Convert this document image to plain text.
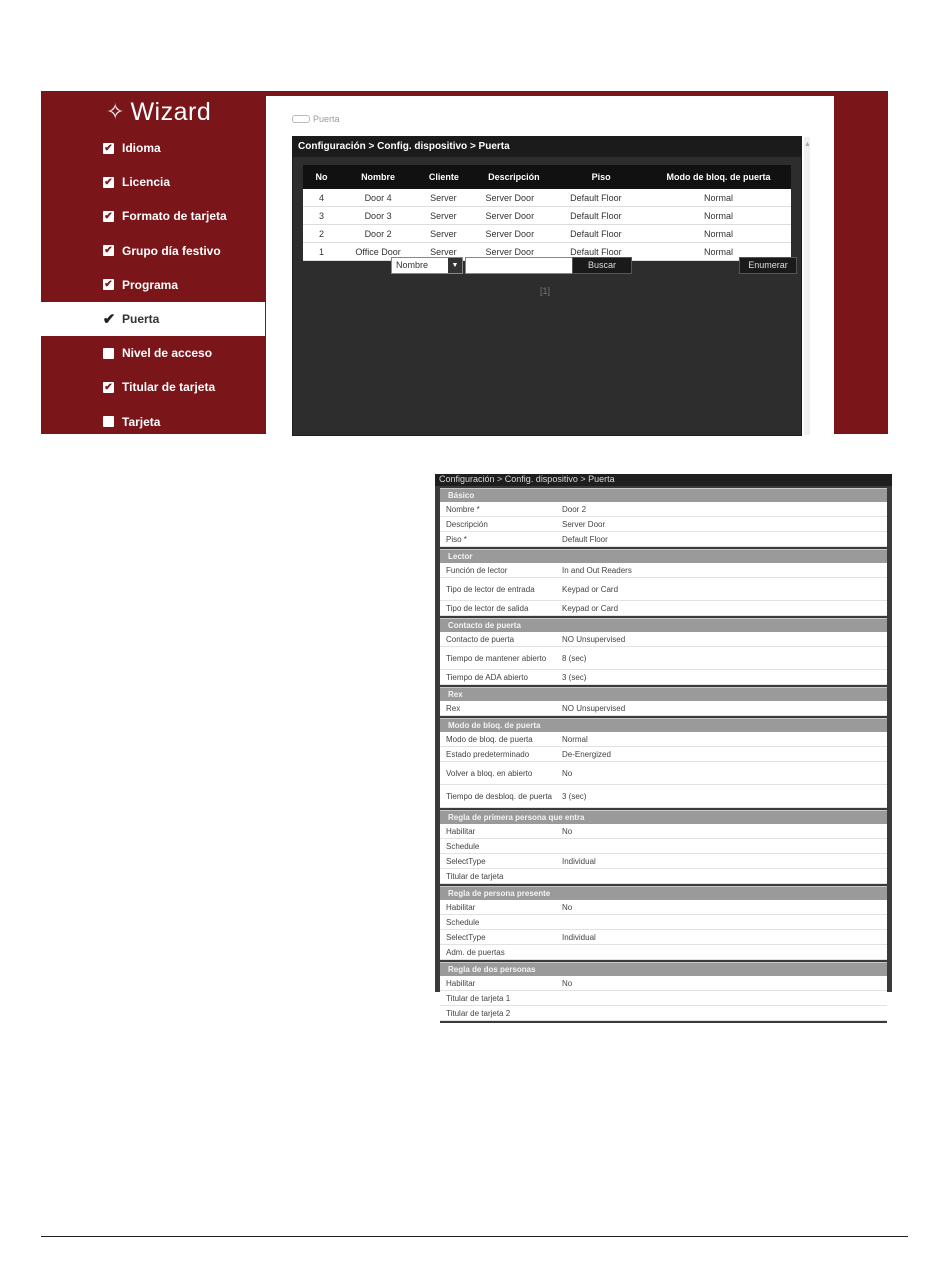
✧ Wizard
✔ Idioma
✔ Licencia
✔ Formato de tarjeta
✔ Grupo día festivo
✔ Programa
✔ Puerta
Nivel de acceso
✔ Titular de tarjeta
Tarjeta
Puerta
Configuración > Config. dispositivo > Puerta
No	Nombre	Cliente	Descripción	Piso	Modo de bloq. de puerta
4	Door 4	Server	Server Door	Default Floor	Normal
3	Door 3	Server	Server Door	Default Floor	Normal
2	Door 2	Server	Server Door	Default Floor	Normal
1	Office Door	Server	Server Door	Default Floor	Normal
Nombre	▼	Buscar	Enumerar
[1]
▲
Configuración > Config. dispositivo > Puerta
Básico
Nombre *	Door 2
Descripción	Server Door
Piso *	Default Floor
Lector
Función de lector	In and Out Readers
Tipo de lector de entrada	Keypad or Card
Tipo de lector de salida	Keypad or Card
Contacto de puerta
Contacto de puerta	NO Unsupervised
Tiempo de mantener abierto	8 (sec)
Tiempo de ADA abierto	3 (sec)
Rex
Rex	NO Unsupervised
Modo de bloq. de puerta
Modo de bloq. de puerta	Normal
Estado predeterminado	De-Energized
Volver a bloq. en abierto	No
Tiempo de desbloq. de puerta	3 (sec)
Regla de primera persona que entra
Habilitar	No
Schedule
SelectType	Individual
Titular de tarjeta
Regla de persona presente
Habilitar	No
Schedule
SelectType	Individual
Adm. de puertas
Regla de dos personas
Habilitar	No
Titular de tarjeta 1
Titular de tarjeta 2
